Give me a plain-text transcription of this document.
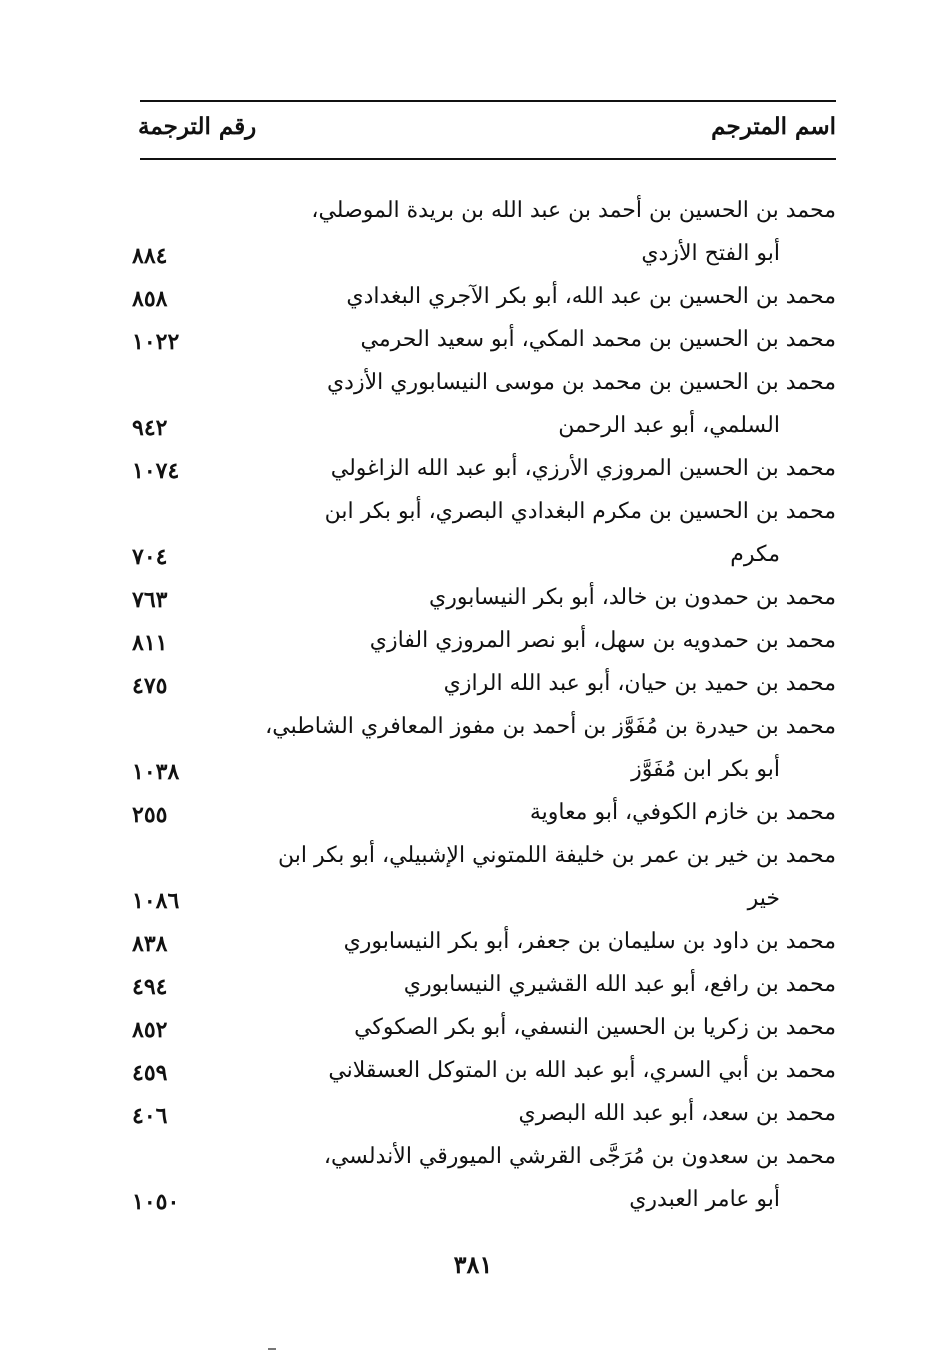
اسم المترجم
رقم الترجمة
محمد بن الحسين بن أحمد بن عبد الله بن بريدة الموصلي،
أبو الفتح الأزدي
٨٨٤
محمد بن الحسين بن عبد الله، أبو بكر الآجري البغدادي
٨٥٨
محمد بن الحسين بن محمد المكي، أبو سعيد الحرمي
١٠٢٢
محمد بن الحسين بن محمد بن موسى النيسابوري الأزدي
السلمي، أبو عبد الرحمن
٩٤٢
محمد بن الحسين المروزي الأرزي، أبو عبد الله الزاغولي
١٠٧٤
محمد بن الحسين بن مكرم البغدادي البصري، أبو بكر ابن
مكرم
٧٠٤
محمد بن حمدون بن خالد، أبو بكر النيسابوري
٧٦٣
محمد بن حمدويه بن سهل، أبو نصر المروزي الفازي
٨١١
محمد بن حميد بن حيان، أبو عبد الله الرازي
٤٧٥
محمد بن حيدرة بن مُفَوَّز بن أحمد بن مفوز المعافري الشاطبي،
أبو بكر ابن مُفَوَّز
١٠٣٨
محمد بن خازم الكوفي، أبو معاوية
٢٥٥
محمد بن خير بن عمر بن خليفة اللمتوني الإشبيلي، أبو بكر ابن
خير
١٠٨٦
محمد بن داود بن سليمان بن جعفر، أبو بكر النيسابوري
٨٣٨
محمد بن رافع، أبو عبد الله القشيري النيسابوري
٤٩٤
محمد بن زكريا بن الحسين النسفي، أبو بكر الصكوكي
٨٥٢
محمد بن أبي السري، أبو عبد الله بن المتوكل العسقلاني
٤٥٩
محمد بن سعد، أبو عبد الله البصري
٤٠٦
محمد بن سعدون بن مُرَجَّى القرشي الميورقي الأندلسي،
أبو عامر العبدري
١٠٥٠
٣٨١
